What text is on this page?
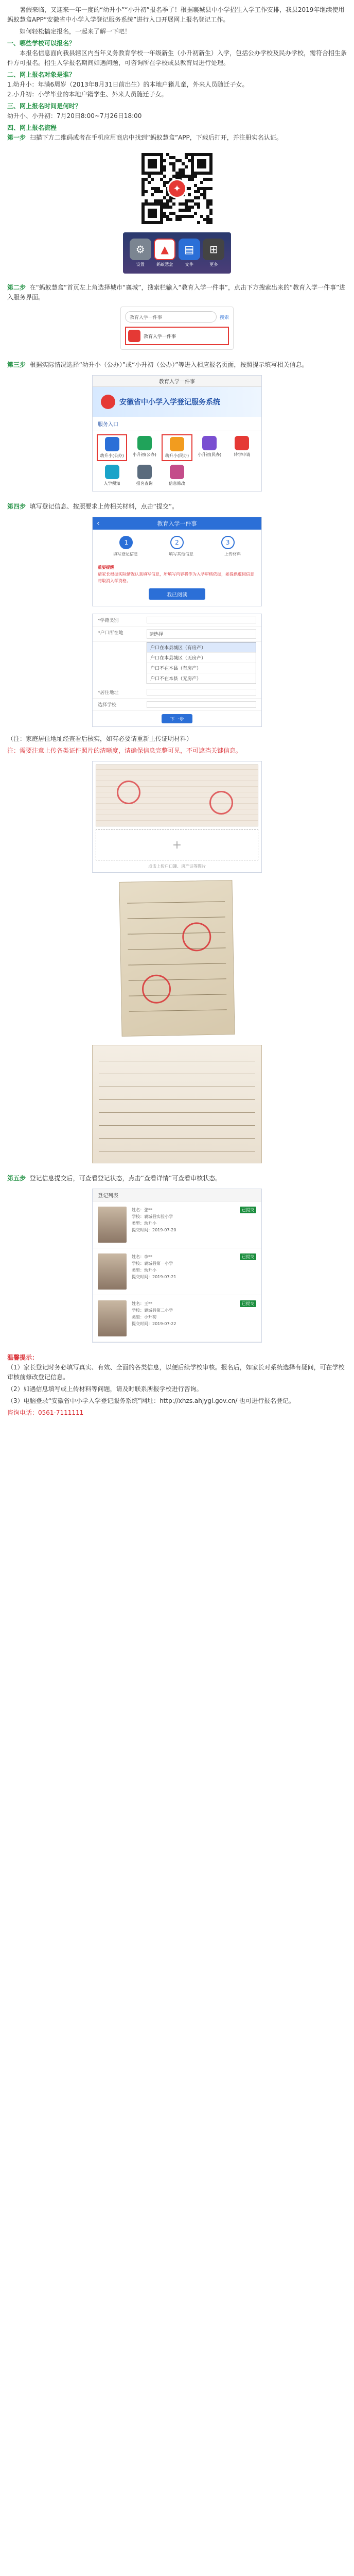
暑假来临，又迎来一年一度的“幼升小”“小升初”报名季了！根据襄城县中小学招生入学工作安排，我县2019年继续使用蚂蚁慧盒APP“安徽省中小学入学登记服务系统”进行入口开展网上报名登记工作。

如何轻松搞定报名，一起来了解一下吧！

一、哪些学校可以报名？

本报名信息面向我县辖区内当年义务教育学校一年级新生（小升初新生）入学，包括公办学校及民办学校，需符合招生条件方可报名。招生入学报名期间如遇问题，可咨询所在学校或县教育局进行处理。

二、网上报名对象是谁？

1.幼升小：年满6周岁（2013年8月31日前出生）的本地户籍儿童，外来人员随迁子女。

2.小升初：小学毕业的本地户籍学生、外来人员随迁子女。

三、网上报名时间是何时？

幼升小、小升初：7月20日8:00~7月26日18:00

四、网上报名流程

第一步 扫描下方二维码或者在手机应用商店中找到“蚂蚁慧盒”APP，下载后打开，并注册实名认证。

✦
⚙
设置
▲
蚂蚁慧盒
▤
文件
⊞
更多

第二步 在“蚂蚁慧盒”首页左上角选择城市“襄城”，搜索栏输入“教育入学一件事”，点击下方搜索出来的“教育入学一件事”进入服务界面。

教育入学一件事	搜索
教育入学一件事

第三步 根据实际情况选择“幼升小（公办）”或“小升初（公办）”等进入相应报名页面，按照提示填写相关信息。

教育入学一件事
安徽省中小学入学登记服务系统
服务入口
幼升小(公办) 小升初(公办) 幼升小(民办) 小升初(民办)	转学申请
入学须知	报名查询	信息修改

第四步 填写登记信息、按照要求上传相关材料，点击“提交”。

‹	教育入学一件事
1	2	3
填写登记信息	填写其他信息	上传材料
重要提醒
请家长根据实际情况认真填写信息，所填写内容将作为入学审核依据，如提供虚假信息将取消入学资格。
我已阅读
*学籍类别
*户口所在地	请选择
户口在本县城区（有房产）
户口在本县城区（无房产）
户口不在本县（有房产）
户口不在本县（无房产）
*居住地址
选择学校
下一步

（注：家庭居住地址经查看后核实，如有必要请重新上传证明材料）

注：需要注意上传各类证件照片的清晰度，请确保信息完整可见，不可遮挡关键信息。

+
点击上传户口簿、房产证等图片

第五步 登记信息提交后，可查看登记状态，点击“查看详情”可查看审核状态。

登记列表
姓名：张**
学校：襄城县实验小学
类型：幼升小
提交时间：2019-07-20
已提交
姓名：李**
学校：襄城县第一小学
类型：幼升小
提交时间：2019-07-21
已提交
姓名：王**
学校：襄城县第二小学
类型：小升初
提交时间：2019-07-22
已提交

温馨提示：

（1）家长登记时务必填写真实、有效、全面的各类信息，以便后续学校审核。报名后，如家长对系统选择有疑问，可在学校审核前修改登记信息。

（2）如遇信息填写或上传材料等问题，请及时联系所报学校进行咨询。

（3）电脑登录“安徽省中小学入学登记服务系统”网址：http://xhzs.ahjygl.gov.cn/ 也可进行报名登记。

咨询电话：0561-7111111
